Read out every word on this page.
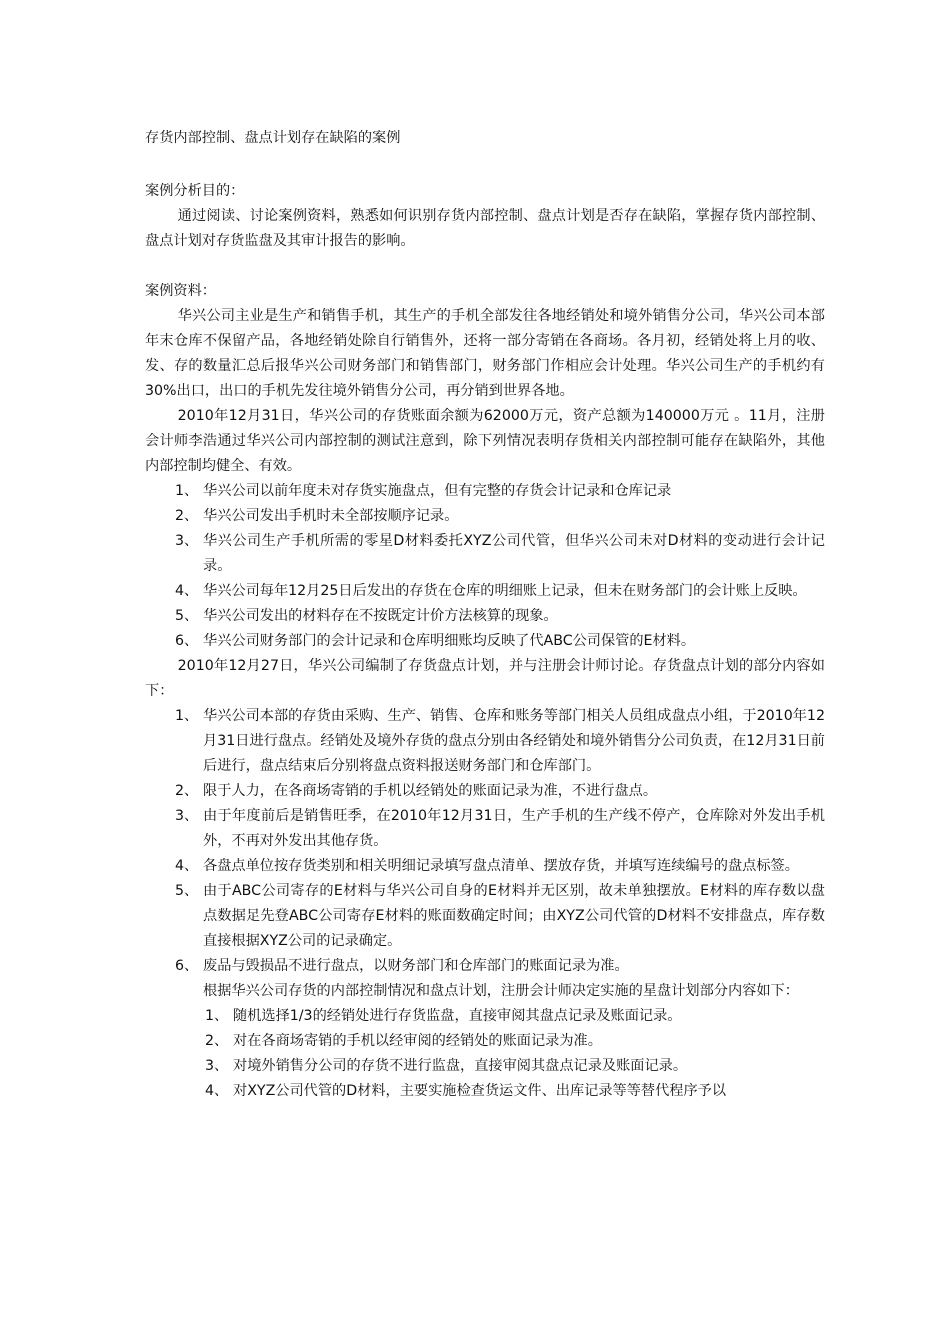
存货内部控制、盘点计划存在缺陷的案例
案例分析目的：
通过阅读、讨论案例资料，熟悉如何识别存货内部控制、盘点计划是否存在缺陷，掌握存货内部控制、盘点计划对存货监盘及其审计报告的影响。
案例资料：
华兴公司主业是生产和销售手机，其生产的手机全部发往各地经销处和境外销售分公司，华兴公司本部年末仓库不保留产品，各地经销处除自行销售外，还将一部分寄销在各商场。各月初，经销处将上月的收、发、存的数量汇总后报华兴公司财务部门和销售部门，财务部门作相应会计处理。华兴公司生产的手机约有30%出口，出口的手机先发往境外销售分公司，再分销到世界各地。
2010年12月31日，华兴公司的存货账面余额为62000万元，资产总额为140000万元 。11月，注册会计师李浩通过华兴公司内部控制的测试注意到，除下列情况表明存货相关内部控制可能存在缺陷外，其他内部控制均健全、有效。
1、 华兴公司以前年度未对存货实施盘点，但有完整的存货会计记录和仓库记录
2、 华兴公司发出手机时未全部按顺序记录。
3、 华兴公司生产手机所需的零星D材料委托XYZ公司代管，但华兴公司未对D材料的变动进行会计记录。
4、 华兴公司每年12月25日后发出的存货在仓库的明细账上记录，但未在财务部门的会计账上反映。
5、 华兴公司发出的材料存在不按既定计价方法核算的现象。
6、 华兴公司财务部门的会计记录和仓库明细账均反映了代ABC公司保管的E材料。
2010年12月27日，华兴公司编制了存货盘点计划，并与注册会计师讨论。存货盘点计划的部分内容如下：
1、 华兴公司本部的存货由采购、生产、销售、仓库和账务等部门相关人员组成盘点小组，于2010年12月31日进行盘点。经销处及境外存货的盘点分别由各经销处和境外销售分公司负责，在12月31日前后进行，盘点结束后分别将盘点资料报送财务部门和仓库部门。
2、 限于人力，在各商场寄销的手机以经销处的账面记录为准，不进行盘点。
3、 由于年度前后是销售旺季，在2010年12月31日，生产手机的生产线不停产，仓库除对外发出手机外，不再对外发出其他存货。
4、 各盘点单位按存货类别和相关明细记录填写盘点清单、摆放存货，并填写连续编号的盘点标签。
5、 由于ABC公司寄存的E材料与华兴公司自身的E材料并无区别，故未单独摆放。E材料的库存数以盘点数据足先登ABC公司寄存E材料的账面数确定时间；由XYZ公司代管的D材料不安排盘点，库存数直接根据XYZ公司的记录确定。
6、 废品与毁损品不进行盘点，以财务部门和仓库部门的账面记录为准。
根据华兴公司存货的内部控制情况和盘点计划，注册会计师决定实施的星盘计划部分内容如下：
1、 随机选择1/3的经销处进行存货监盘，直接审阅其盘点记录及账面记录。
2、 对在各商场寄销的手机以经审阅的经销处的账面记录为准。
3、 对境外销售分公司的存货不进行监盘，直接审阅其盘点记录及账面记录。
4、 对XYZ公司代管的D材料，主要实施检查货运文件、出库记录等等替代程序予以
